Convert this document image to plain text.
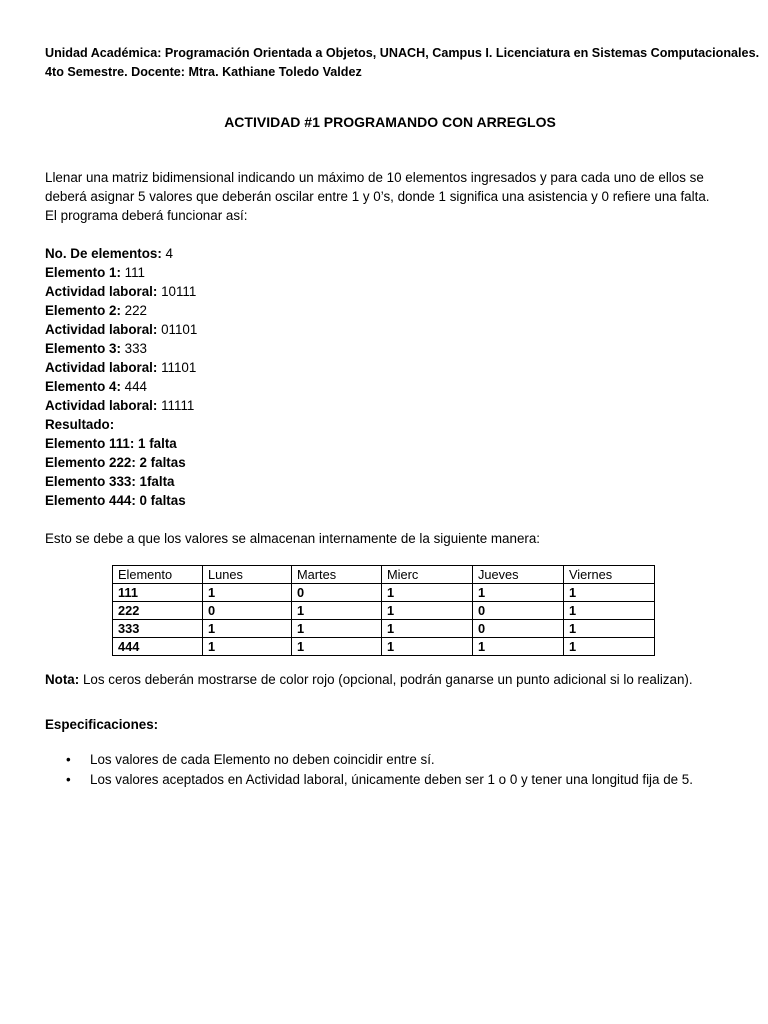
Unidad Académica: Programación Orientada a Objetos, UNACH, Campus I. Licenciatura en Sistemas Computacionales.
4to Semestre. Docente: Mtra. Kathiane Toledo Valdez
ACTIVIDAD #1 PROGRAMANDO CON ARREGLOS
Llenar una matriz bidimensional indicando un máximo de 10 elementos ingresados y para cada uno de ellos se
deberá asignar 5 valores que deberán oscilar entre 1 y 0’s, donde 1 significa una asistencia y 0 refiere una falta.
El programa deberá funcionar así:
No. De elementos: 4
Elemento 1: 111
Actividad laboral: 10111
Elemento 2: 222
Actividad laboral: 01101
Elemento 3: 333
Actividad laboral: 11101
Elemento 4: 444
Actividad laboral: 11111
Resultado:
Elemento 111: 1 falta
Elemento 222: 2 faltas
Elemento 333: 1falta
Elemento 444: 0 faltas
Esto se debe a que los valores se almacenan internamente de la siguiente manera:
Elemento	Lunes	Martes	Mierc	Jueves	Viernes
111	1	0	1	1	1
222	0	1	1	0	1
333	1	1	1	0	1
444	1	1	1	1	1
Nota: Los ceros deberán mostrarse de color rojo (opcional, podrán ganarse un punto adicional si lo realizan).
Especificaciones:
• Los valores de cada Elemento no deben coincidir entre sí.
• Los valores aceptados en Actividad laboral, únicamente deben ser 1 o 0 y tener una longitud fija de 5.
